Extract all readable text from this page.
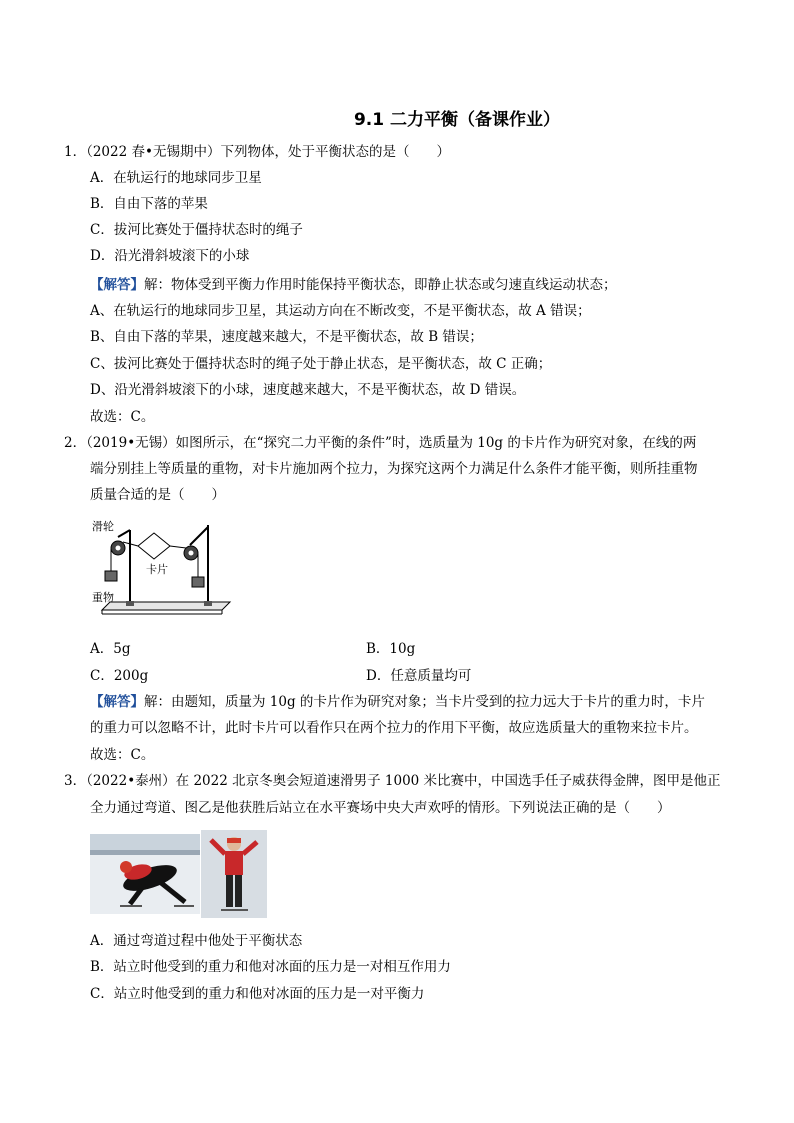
9.1 二力平衡（备课作业）
1．（2022 春•无锡期中）下列物体，处于平衡状态的是（　　）
A．在轨运行的地球同步卫星
B．自由下落的苹果
C．拔河比赛处于僵持状态时的绳子
D．沿光滑斜坡滚下的小球
【解答】解：物体受到平衡力作用时能保持平衡状态，即静止状态或匀速直线运动状态；
A、在轨运行的地球同步卫星，其运动方向在不断改变，不是平衡状态，故 A 错误；
B、自由下落的苹果，速度越来越大，不是平衡状态，故 B 错误；
C、拔河比赛处于僵持状态时的绳子处于静止状态，是平衡状态，故 C 正确；
D、沿光滑斜坡滚下的小球，速度越来越大，不是平衡状态，故 D 错误。
故选：C。
2．（2019•无锡）如图所示，在“探究二力平衡的条件”时，选质量为 10g 的卡片作为研究对象，在线的两
端分别挂上等质量的重物，对卡片施加两个拉力，为探究这两个力满足什么条件才能平衡，则所挂重物
质量合适的是（　　）
滑轮
卡片
重物
A．5g	B．10g
C．200g	D．任意质量均可
【解答】解：由题知，质量为 10g 的卡片作为研究对象；当卡片受到的拉力远大于卡片的重力时，卡片
的重力可以忽略不计，此时卡片可以看作只在两个拉力的作用下平衡，故应选质量大的重物来拉卡片。
故选：C。
3．（2022•泰州）在 2022 北京冬奥会短道速滑男子 1000 米比赛中，中国选手任子威获得金牌，图甲是他正
全力通过弯道、图乙是他获胜后站立在水平赛场中央大声欢呼的情形。下列说法正确的是（　　）
A．通过弯道过程中他处于平衡状态
B．站立时他受到的重力和他对冰面的压力是一对相互作用力
C．站立时他受到的重力和他对冰面的压力是一对平衡力
